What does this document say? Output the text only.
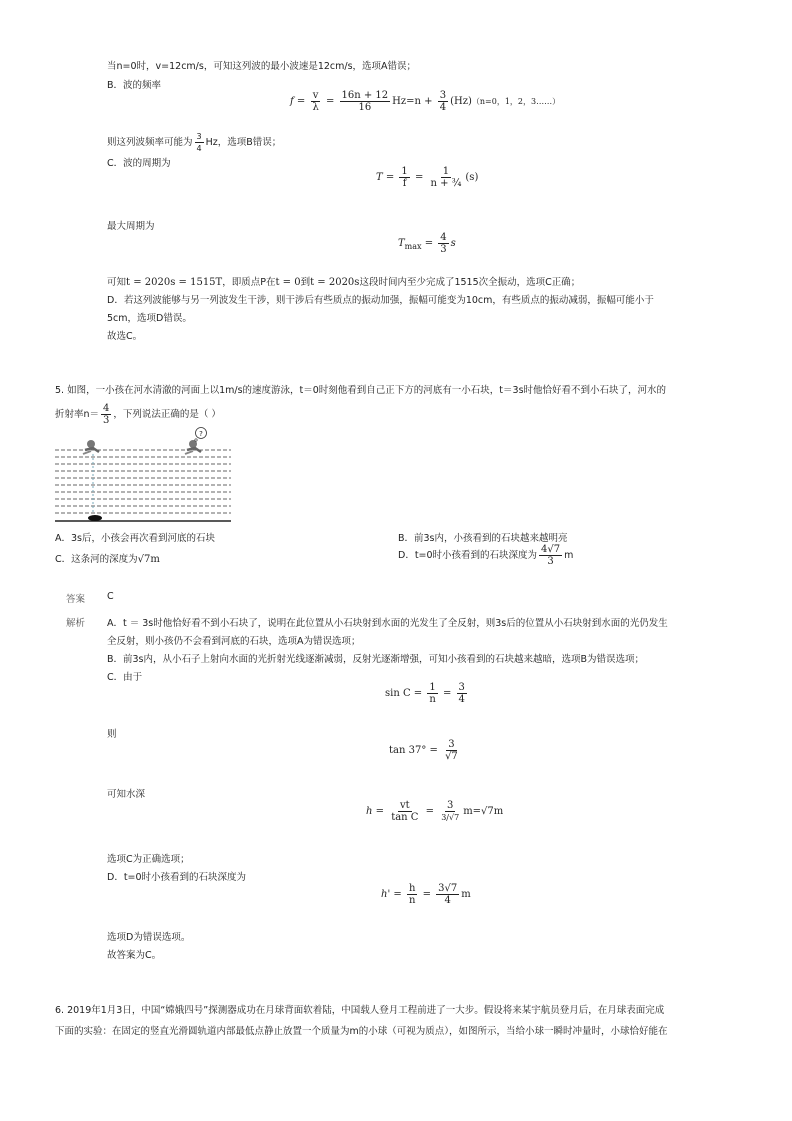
当n=0时，v=12cm/s，可知这列波的最小波速是12cm/s，选项A错误；
B．波的频率
$f = \frac{v}{\lambda} = \frac{16n + 12}{16} Hz=n + \frac{3}{4} (Hz)(n=0$，1，2，3……）
则这列波频率可能为 $\frac{3}{4}$ Hz，选项B错误；
C．波的周期为
$T = \frac{1}{f} = \frac{1}{\text{n + ¾}} (s)$
最大周期为
$T_{max} = \frac{4}{3}$ s
可知t = 2020s = 1515T，即质点P在t = 0到t = 2020s这段时间内至少完成了1515次全振动，选项C正确；
D．若这列波能够与另一列波发生干涉，则干涉后有些质点的振动加强，振幅可能变为10cm，有些质点的振动减弱，振幅可能小于
5cm，选项D错误。
故选C。
5. 如图，一小孩在河水清澈的河面上以1m/s的速度游泳，t＝0时刻他看到自己正下方的河底有一小石块，t＝3s时他恰好看不到小石块了，河水的
折射率$n= \frac{4}{3}$ ，下列说法正确的是（ ）
?
A．3s后，小孩会再次看到河底的石块	B．前3s内，小孩看到的石块越来越明亮
C．这条河的深度为√7m	D．t=0时小孩看到的石块深度为 $\frac{4√7}{3}$ m
答案 C
解析 A．t ＝ 3s时他恰好看不到小石块了，说明在此位置从小石块射到水面的光发生了全反射，则3s后的位置从小石块射到水面的光仍发生
全反射，则小孩仍不会看到河底的石块，选项A为错误选项；
B．前3s内，从小石子上射向水面的光折射光线逐渐减弱，反射光逐渐增强，可知小孩看到的石块越来越暗，选项B为错误选项；
C．由于
$\sin C = \frac{1}{n} = \frac{3}{4}$
则
$\tan 37^\circ = \frac{3}{√7}$
可知水深
$h = \frac{vt}{\text{tan C}} = \frac{3}{3/√7} m=√7m$
选项C为正确选项；
D．t=0时小孩看到的石块深度为
$h' = \frac{h}{n} = \frac{3√7}{4}$ m
选项D为错误选项。
故答案为C。
6. 2019年1月3日，中国“嫦娥四号”探测器成功在月球背面软着陆，中国载人登月工程前进了一大步。假设将来某宇航员登月后，在月球表面完成
下面的实验：在固定的竖直光滑圆轨道内部最低点静止放置一个质量为m的小球（可视为质点），如图所示，当给小球一瞬时冲量时，小球恰好能在
